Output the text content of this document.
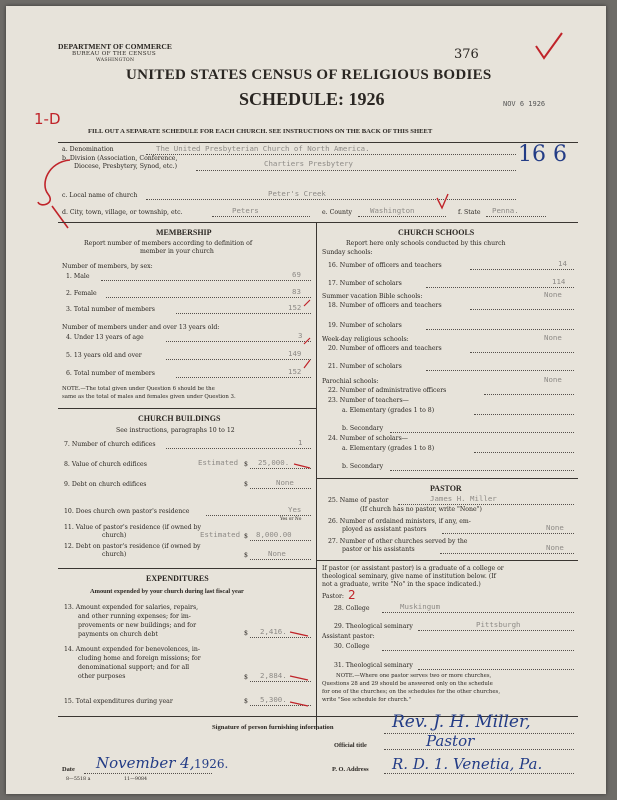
DEPARTMENT OF COMMERCE
BUREAU OF THE CENSUS
WASHINGTON	376
UNITED STATES CENSUS OF RELIGIOUS BODIES
SCHEDULE: 1926	NOV 6 1926
1-D
FILL OUT A SEPARATE SCHEDULE FOR EACH CHURCH. SEE INSTRUCTIONS ON THE BACK OF THIS SHEET
a. Denomination	The United Presbyterian Church of North America.
b. Division (Association, Conference,
Diocese, Presbytery, Synod, etc.)	Chartiers Presbytery	16 6
c. Local name of church	Peter's Creek
d. City, town, village, or township, etc.	Peters	e. County Washington	f. State Penna.
MEMBERSHIP
Report number of members according to definition of
member in your church
Number of members, by sex:
1. Male	69
2. Female	83
3. Total number of members	152
Number of members under and over 13 years old:
4. Under 13 years of age	3
5. 13 years old and over	149
6. Total number of members	152
NOTE.—The total given under Question 6 should be the
same as the total of males and females given under Question 3.
CHURCH BUILDINGS
See instructions, paragraphs 10 to 12
7. Number of church edifices	1
8. Value of church edifices	Estimated $ 25,000.
9. Debt on church edifices	$	None
10. Does church own pastor's residence	Yes
Yes or No
11. Value of pastor's residence (if owned by
church)	Estimated $ 8,000.00
12. Debt on pastor's residence (if owned by
church)	$	None
EXPENDITURES
Amount expended by your church during last fiscal year
13. Amount expended for salaries, repairs,
and other running expenses; for im-
provements or new buildings; and for
payments on church debt	$ 2,416.
14. Amount expended for benevolences, in-
cluding home and foreign missions; for
denominational support; and for all
other purposes	$ 2,884.
15. Total expenditures during year	$ 5,300.
CHURCH SCHOOLS
Report here only schools conducted by this church
Sunday schools:
16. Number of officers and teachers	14
17. Number of scholars	114
Summer vacation Bible schools:	None
18. Number of officers and teachers
19. Number of scholars
Week-day religious schools:	None
20. Number of officers and teachers
21. Number of scholars
Parochial schools:	None
22. Number of administrative officers
23. Number of teachers—
a. Elementary (grades 1 to 8)
b. Secondary
24. Number of scholars—
a. Elementary (grades 1 to 8)
b. Secondary
PASTOR
25. Name of pastor	James H. Miller
(If church has no pastor, write "None")
26. Number of ordained ministers, if any, em-
ployed as assistant pastors	None
27. Number of other churches served by the
pastor or his assistants	None
If pastor (or assistant pastor) is a graduate of a college or
theological seminary, give name of institution below. (If
not a graduate, write "No" in the space indicated.)
Pastor: 2
28. College	Muskingum
29. Theological seminary	Pittsburgh
Assistant pastor:
30. College
31. Theological seminary
NOTE.—Where one pastor serves two or more churches,
Questions 28 and 29 should be answered only on the schedule
for one of the churches; on the schedules for the other churches,
write "See schedule for church."
Signature of person furnishing information	Rev. J. H. Miller,
Official title	Pastor
Date November 4, 1926.	P. O. Address R. D. 1. Venetia, Pa.
8—5518 a	11—9084
